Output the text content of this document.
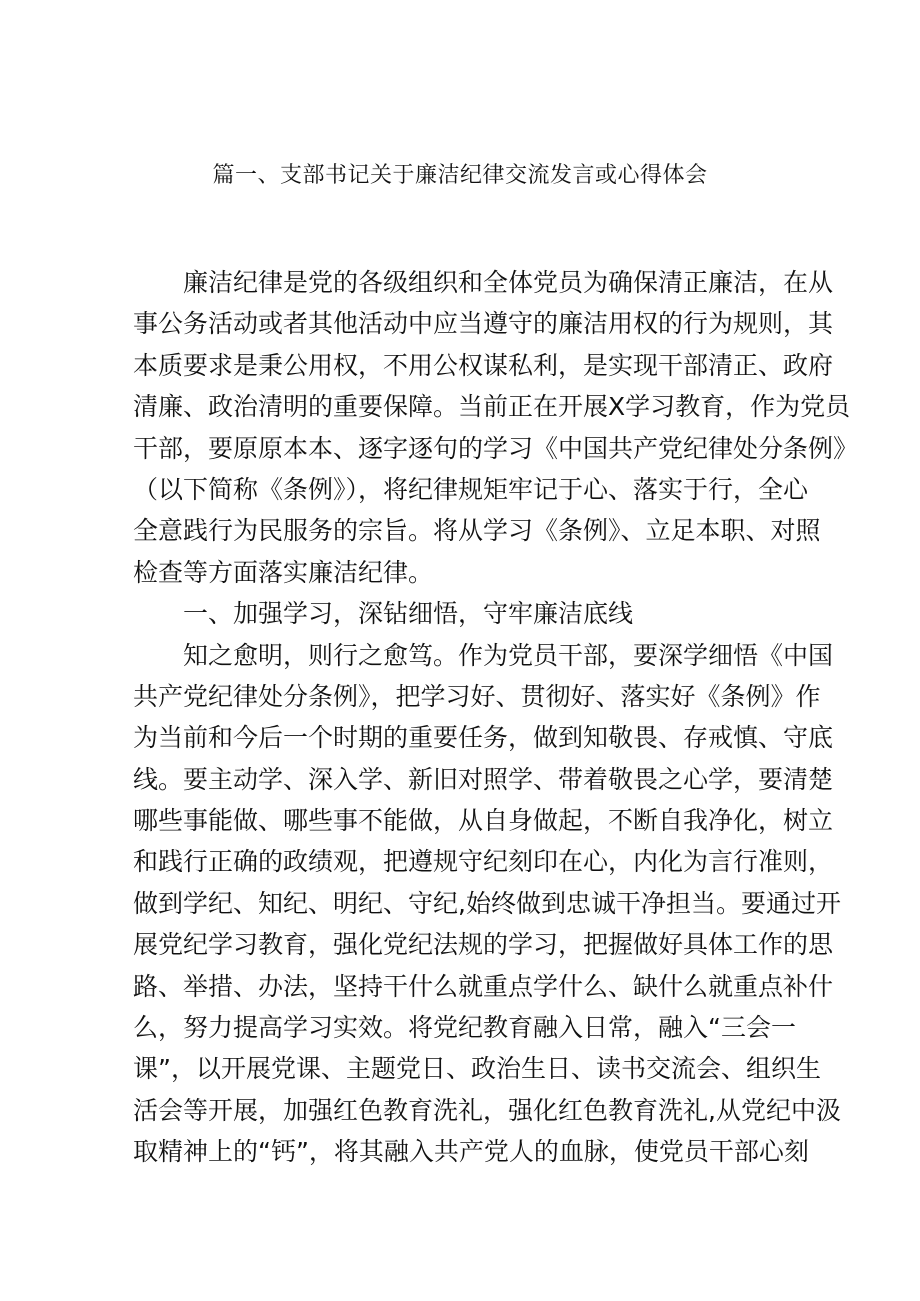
篇一、支部书记关于廉洁纪律交流发言或心得体会
廉洁纪律是党的各级组织和全体党员为确保清正廉洁，在从
事公务活动或者其他活动中应当遵守的廉洁用权的行为规则，其
本质要求是秉公用权，不用公权谋私利，是实现干部清正、政府
清廉、政治清明的重要保障。当前正在开展X学习教育，作为党员
干部，要原原本本、逐字逐句的学习《中国共产党纪律处分条例》
（以下简称《条例》），将纪律规矩牢记于心、落实于行，全心
全意践行为民服务的宗旨。将从学习《条例》、立足本职、对照
检查等方面落实廉洁纪律。
一、加强学习，深钻细悟，守牢廉洁底线
知之愈明，则行之愈笃。作为党员干部，要深学细悟《中国
共产党纪律处分条例》，把学习好、贯彻好、落实好《条例》作
为当前和今后一个时期的重要任务，做到知敬畏、存戒慎、守底
线。要主动学、深入学、新旧对照学、带着敬畏之心学，要清楚
哪些事能做、哪些事不能做，从自身做起，不断自我净化，树立
和践行正确的政绩观，把遵规守纪刻印在心，内化为言行准则，
做到学纪、知纪、明纪、守纪,始终做到忠诚干净担当。要通过开
展党纪学习教育，强化党纪法规的学习，把握做好具体工作的思
路、举措、办法，坚持干什么就重点学什么、缺什么就重点补什
么，努力提高学习实效。将党纪教育融入日常，融入“三会一
课”，以开展党课、主题党日、政治生日、读书交流会、组织生
活会等开展，加强红色教育洗礼，强化红色教育洗礼,从党纪中汲
取精神上的“钙”，将其融入共产党人的血脉，使党员干部心刻
